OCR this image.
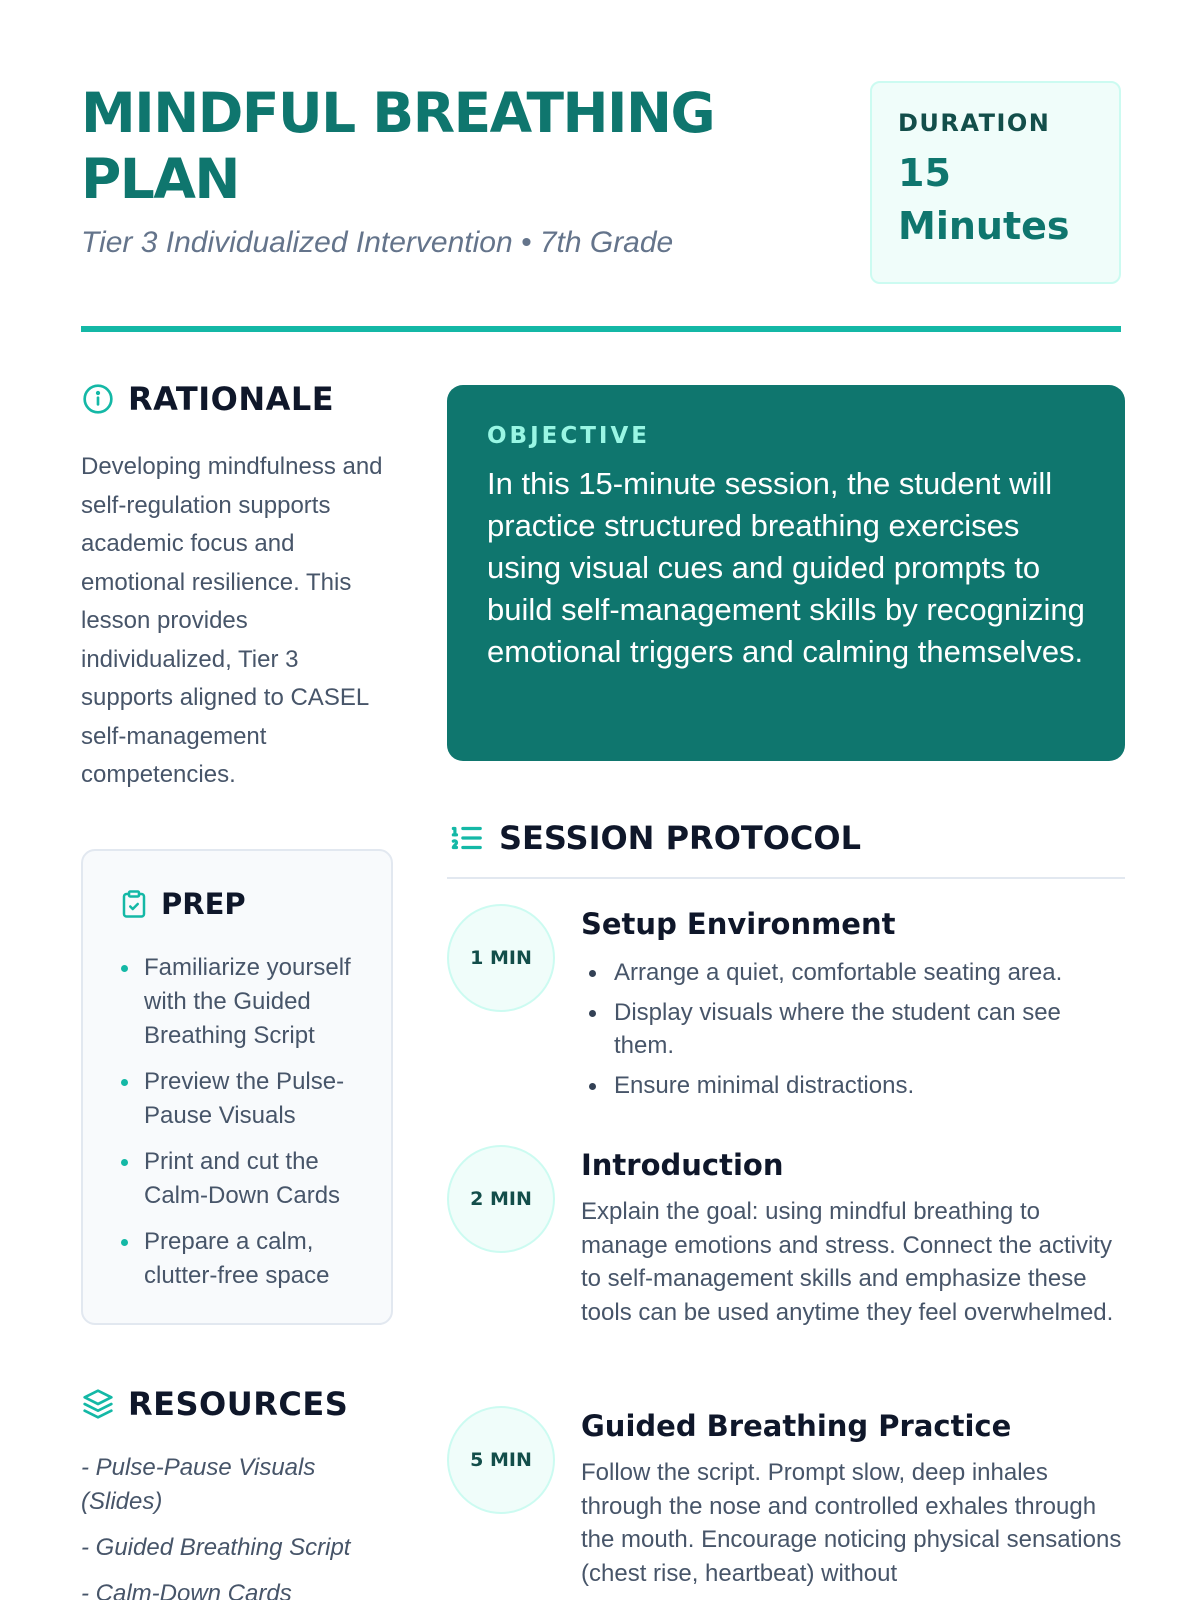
MINDFUL BREATHING PLAN
Tier 3 Individualized Intervention • 7th Grade
DURATION
15 Minutes
RATIONALE

Developing mindfulness and self-regulation supports academic focus and emotional resilience. This lesson provides individualized, Tier 3 supports aligned to CASEL self-management competencies.

PREP
Familiarize yourself with the Guided Breathing Script
Preview the Pulse-Pause Visuals
Print and cut the Calm-Down Cards
Prepare a calm, clutter-free space
RESOURCES
- Pulse-Pause Visuals (Slides)
- Guided Breathing Script
- Calm-Down Cards
OBJECTIVE

In this 15-minute session, the student will practice structured breathing exercises using visual cues and guided prompts to build self-management skills by recognizing emotional triggers and calming themselves.

SESSION PROTOCOL
1 MIN
Setup Environment
Arrange a quiet, comfortable seating area.
Display visuals where the student can see them.
Ensure minimal distractions.
2 MIN
Introduction

Explain the goal: using mindful breathing to manage emotions and stress. Connect the activity to self-management skills and emphasize these tools can be used anytime they feel overwhelmed.

5 MIN
Guided Breathing Practice

Follow the script. Prompt slow, deep inhales through the nose and controlled exhales through the mouth. Encourage noticing physical sensations (chest rise, heartbeat) without
